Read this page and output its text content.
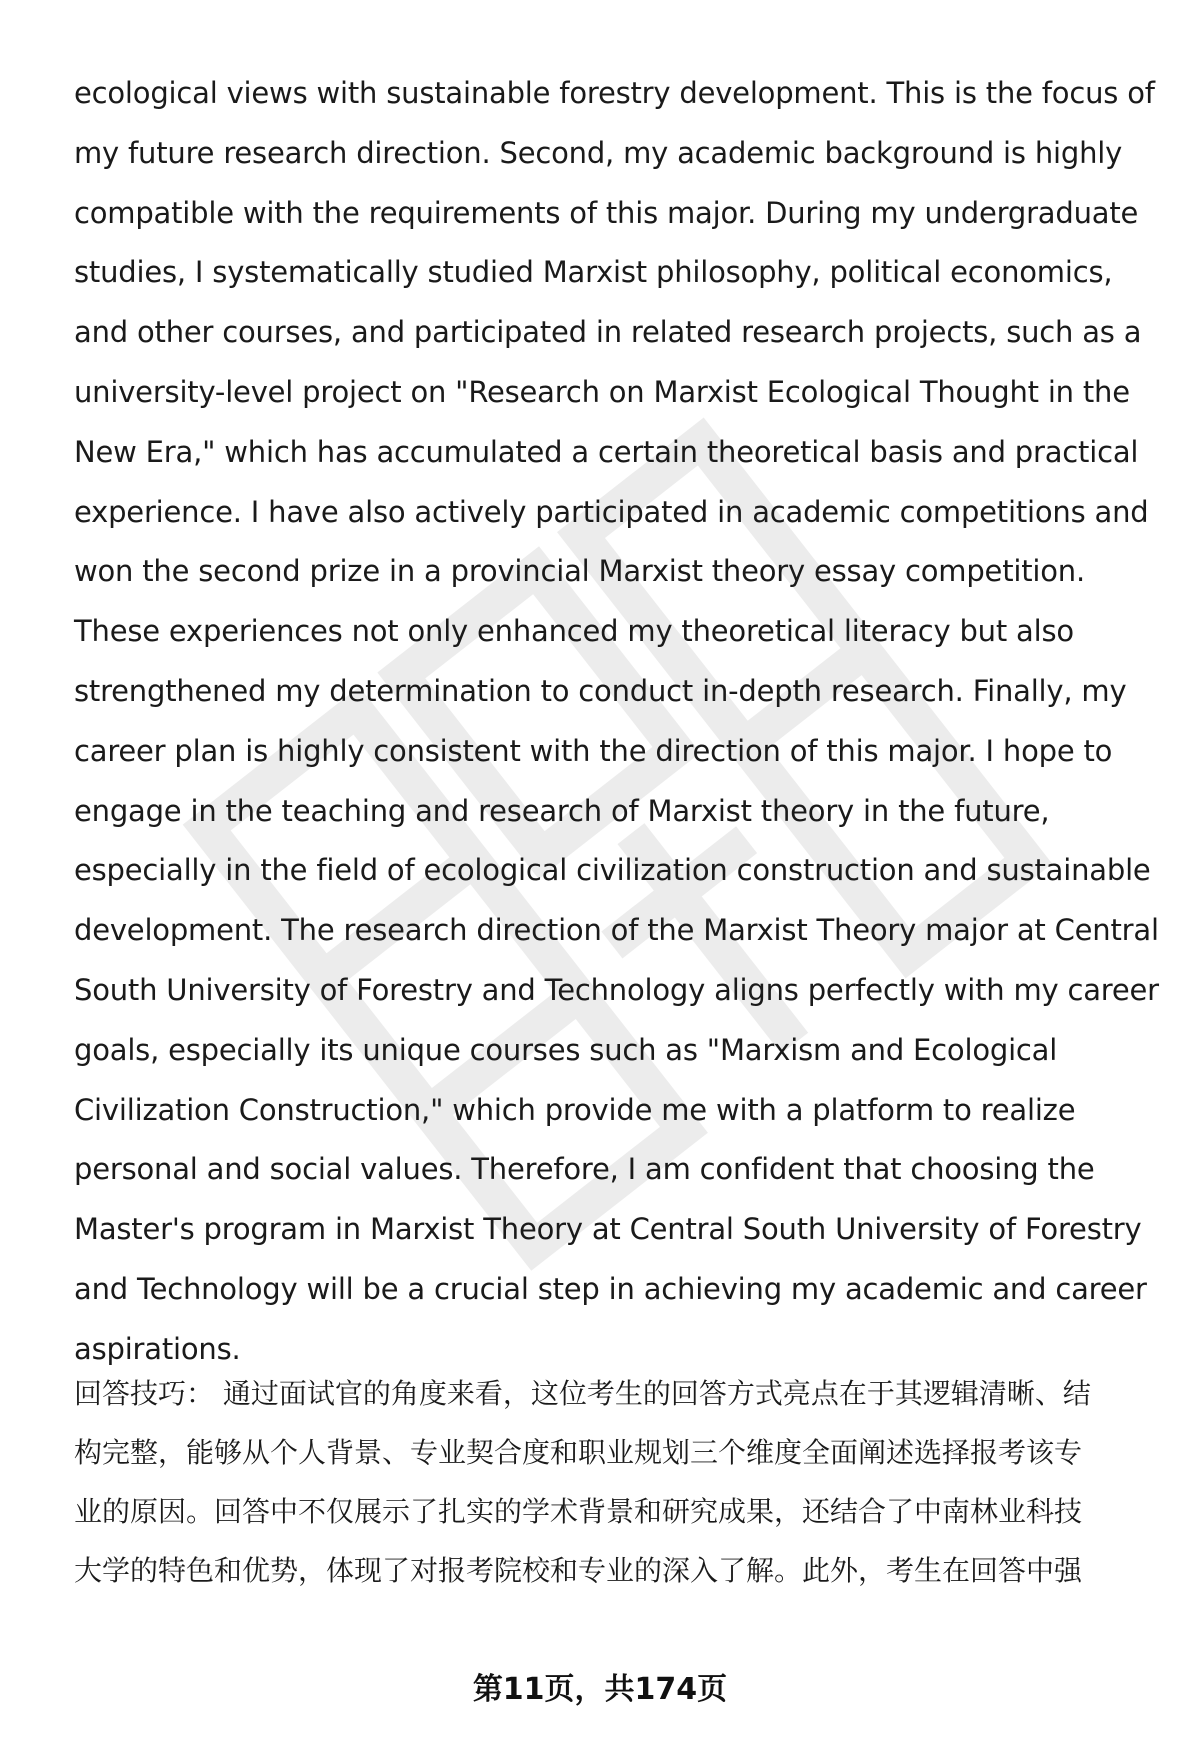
ecological views with sustainable forestry development. This is the focus of
my future research direction. Second, my academic background is highly
compatible with the requirements of this major. During my undergraduate
studies, I systematically studied Marxist philosophy, political economics,
and other courses, and participated in related research projects, such as a
university-level project on "Research on Marxist Ecological Thought in the
New Era," which has accumulated a certain theoretical basis and practical
experience. I have also actively participated in academic competitions and
won the second prize in a provincial Marxist theory essay competition.
These experiences not only enhanced my theoretical literacy but also
strengthened my determination to conduct in-depth research. Finally, my
career plan is highly consistent with the direction of this major. I hope to
engage in the teaching and research of Marxist theory in the future,
especially in the field of ecological civilization construction and sustainable
development. The research direction of the Marxist Theory major at Central
South University of Forestry and Technology aligns perfectly with my career
goals, especially its unique courses such as "Marxism and Ecological
Civilization Construction," which provide me with a platform to realize
personal and social values. Therefore, I am confident that choosing the
Master's program in Marxist Theory at Central South University of Forestry
and Technology will be a crucial step in achieving my academic and career
aspirations.
回答技巧： 通过面试官的角度来看，这位考生的回答方式亮点在于其逻辑清晰、结
构完整，能够从个人背景、专业契合度和职业规划三个维度全面阐述选择报考该专
业的原因。回答中不仅展示了扎实的学术背景和研究成果，还结合了中南林业科技
大学的特色和优势，体现了对报考院校和专业的深入了解。此外，考生在回答中强
第11页，共174页
